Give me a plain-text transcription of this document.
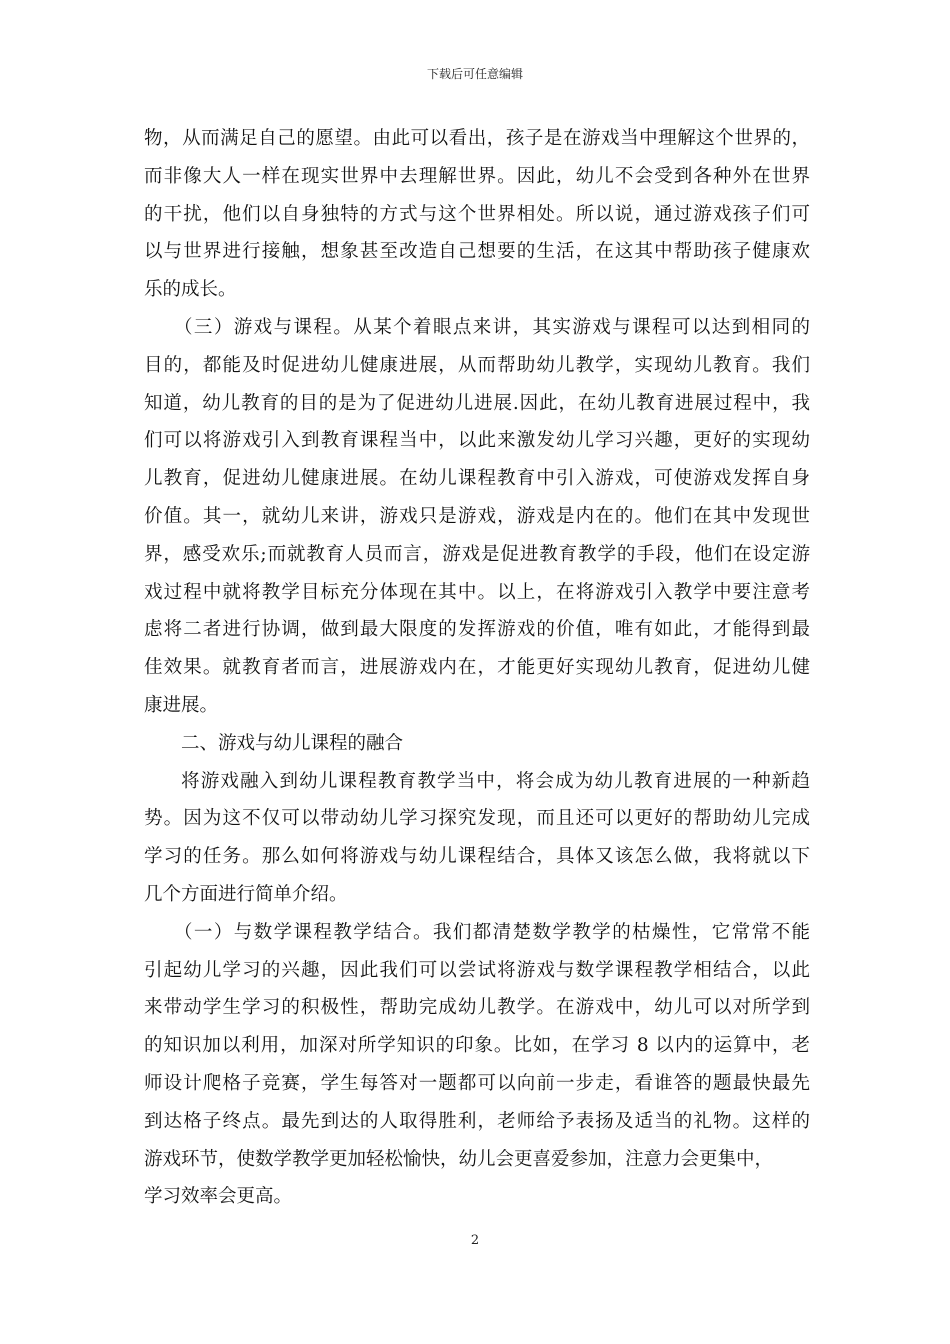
下载后可任意编辑
物，从而满足自己的愿望。由此可以看出，孩子是在游戏当中理解这个世界的，
而非像大人一样在现实世界中去理解世界。因此，幼儿不会受到各种外在世界
的干扰，他们以自身独特的方式与这个世界相处。所以说，通过游戏孩子们可
以与世界进行接触，想象甚至改造自己想要的生活，在这其中帮助孩子健康欢
乐的成长。
（三）游戏与课程。从某个着眼点来讲，其实游戏与课程可以达到相同的
目的，都能及时促进幼儿健康进展，从而帮助幼儿教学，实现幼儿教育。我们
知道，幼儿教育的目的是为了促进幼儿进展.因此，在幼儿教育进展过程中，我
们可以将游戏引入到教育课程当中，以此来激发幼儿学习兴趣，更好的实现幼
儿教育，促进幼儿健康进展。在幼儿课程教育中引入游戏，可使游戏发挥自身
价值。其一，就幼儿来讲，游戏只是游戏，游戏是内在的。他们在其中发现世
界，感受欢乐;而就教育人员而言，游戏是促进教育教学的手段，他们在设定游
戏过程中就将教学目标充分体现在其中。以上，在将游戏引入教学中要注意考
虑将二者进行协调，做到最大限度的发挥游戏的价值，唯有如此，才能得到最
佳效果。就教育者而言，进展游戏内在，才能更好实现幼儿教育，促进幼儿健
康进展。
二、游戏与幼儿课程的融合
将游戏融入到幼儿课程教育教学当中，将会成为幼儿教育进展的一种新趋
势。因为这不仅可以带动幼儿学习探究发现，而且还可以更好的帮助幼儿完成
学习的任务。那么如何将游戏与幼儿课程结合，具体又该怎么做，我将就以下
几个方面进行简单介绍。
（一）与数学课程教学结合。我们都清楚数学教学的枯燥性，它常常不能
引起幼儿学习的兴趣，因此我们可以尝试将游戏与数学课程教学相结合，以此
来带动学生学习的积极性，帮助完成幼儿教学。在游戏中，幼儿可以对所学到
的知识加以利用，加深对所学知识的印象。比如，在学习 8 以内的运算中，老
师设计爬格子竞赛，学生每答对一题都可以向前一步走，看谁答的题最快最先
到达格子终点。最先到达的人取得胜利，老师给予表扬及适当的礼物。这样的
游戏环节，使数学教学更加轻松愉快，幼儿会更喜爱参加，注意力会更集中，
学习效率会更高。
2
